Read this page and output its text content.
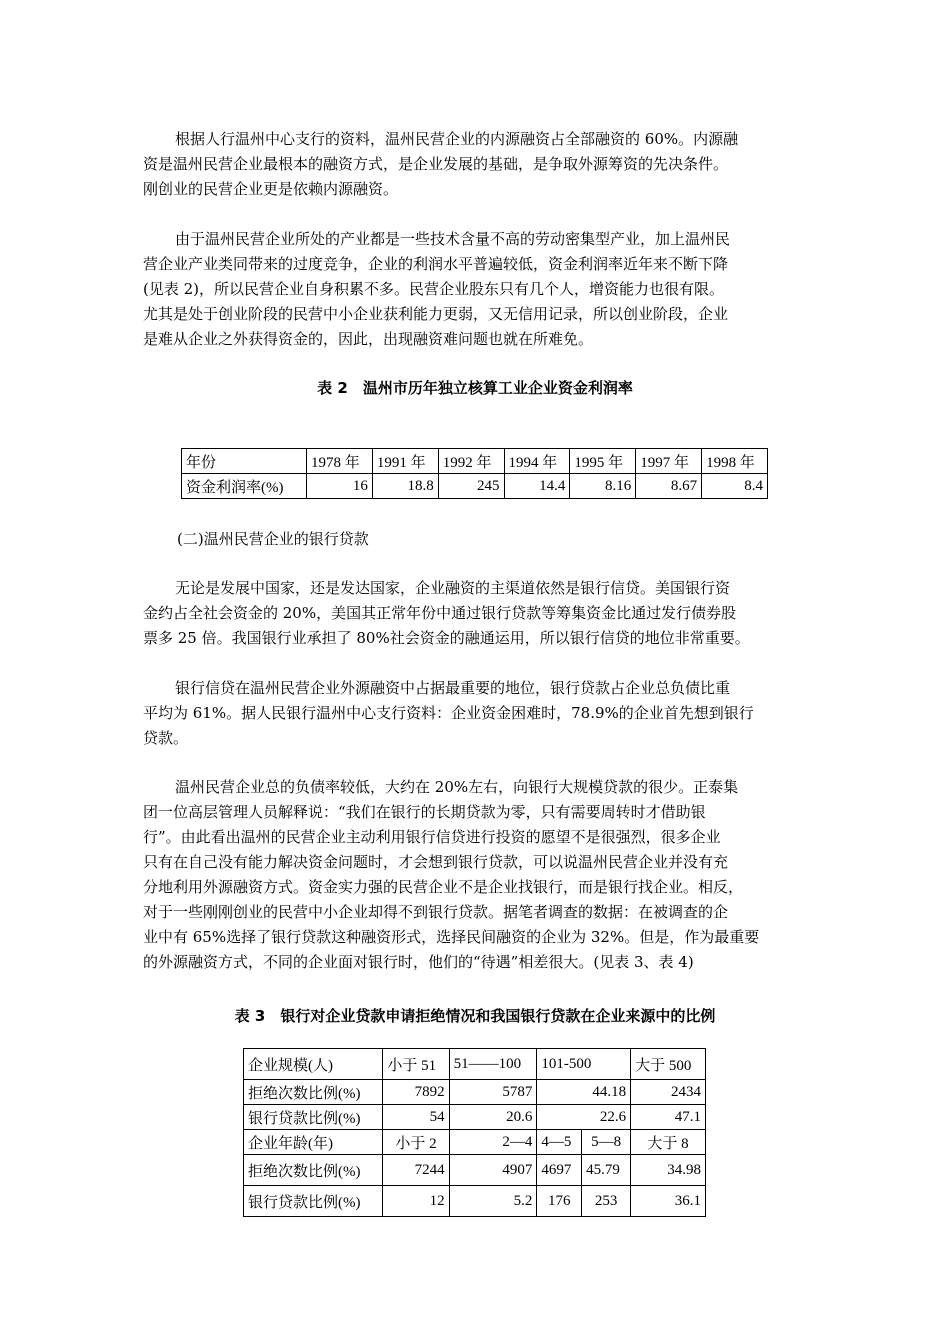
根据人行温州中心支行的资料，温州民营企业的内源融资占全部融资的 60%。内源融
资是温州民营企业最根本的融资方式，是企业发展的基础，是争取外源筹资的先决条件。
刚创业的民营企业更是依赖内源融资。
由于温州民营企业所处的产业都是一些技术含量不高的劳动密集型产业，加上温州民
营企业产业类同带来的过度竞争，企业的利润水平普遍较低，资金利润率近年来不断下降
(见表 2)，所以民营企业自身积累不多。民营企业股东只有几个人，增资能力也很有限。
尤其是处于创业阶段的民营中小企业获利能力更弱，又无信用记录，所以创业阶段，企业
是难从企业之外获得资金的，因此，出现融资难问题也就在所难免。

表 2　温州市历年独立核算工业企业资金利润率

年份	1978 年	1991 年	1992 年	1994 年	1995 年	1997 年	1998 年
资金利润率(%)	16	18.8	245	14.4	8.16	8.67	8.4

(二)温州民营企业的银行贷款

无论是发展中国家，还是发达国家，企业融资的主渠道依然是银行信贷。美国银行资
金约占全社会资金的 20%，美国其正常年份中通过银行贷款等筹集资金比通过发行债券股
票多 25 倍。我国银行业承担了 80%社会资金的融通运用，所以银行信贷的地位非常重要。
银行信贷在温州民营企业外源融资中占据最重要的地位，银行贷款占企业总负债比重
平均为 61%。据人民银行温州中心支行资料：企业资金困难时，78.9%的企业首先想到银行
贷款。
温州民营企业总的负债率较低，大约在 20%左右，向银行大规模贷款的很少。正泰集
团一位高层管理人员解释说：“我们在银行的长期贷款为零，只有需要周转时才借助银
行”。由此看出温州的民营企业主动利用银行信贷进行投资的愿望不是很强烈，很多企业
只有在自己没有能力解决资金问题时，才会想到银行贷款，可以说温州民营企业并没有充
分地利用外源融资方式。资金实力强的民营企业不是企业找银行，而是银行找企业。相反，
对于一些刚刚创业的民营中小企业却得不到银行贷款。据笔者调查的数据：在被调查的企
业中有 65%选择了银行贷款这种融资形式，选择民间融资的企业为 32%。但是，作为最重要
的外源融资方式，不同的企业面对银行时，他们的“待遇”相差很大。(见表 3、表 4)

表 3　银行对企业贷款申请拒绝情况和我国银行贷款在企业来源中的比例

企业规模(人)	小于 51	51——100	101-500		大于 500
拒绝次数比例(%)	7892	5787	44.18		2434
银行贷款比例(%)	54	20.6	22.6		47.1
企业年龄(年)	小于 2	2—4	4—5	5—8	大于 8
拒绝次数比例(%)	7244	4907	4697	45.79	34.98
银行贷款比例(%)	12	5.2	176	253	36.1
